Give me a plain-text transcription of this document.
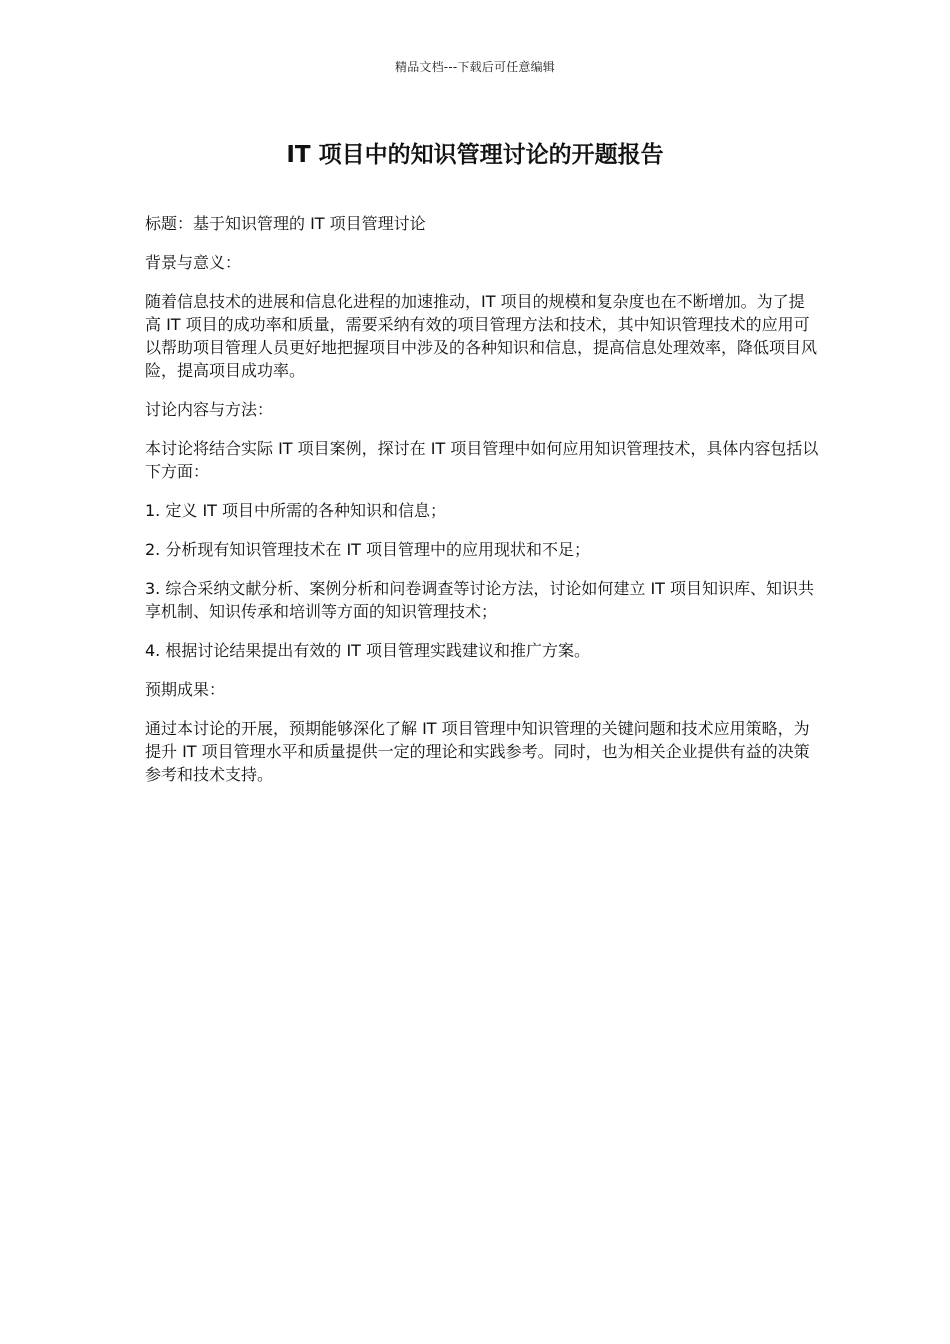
精品文档---下载后可任意编辑
IT 项目中的知识管理讨论的开题报告

标题：基于知识管理的 IT 项目管理讨论

背景与意义：

随着信息技术的进展和信息化进程的加速推动，IT 项目的规模和复杂度也在不断增加。为了提高 IT 项目的成功率和质量，需要采纳有效的项目管理方法和技术，其中知识管理技术的应用可以帮助项目管理人员更好地把握项目中涉及的各种知识和信息，提高信息处理效率，降低项目风险，提高项目成功率。

讨论内容与方法：

本讨论将结合实际 IT 项目案例，探讨在 IT 项目管理中如何应用知识管理技术，具体内容包括以下方面：

1. 定义 IT 项目中所需的各种知识和信息；

2. 分析现有知识管理技术在 IT 项目管理中的应用现状和不足；

3. 综合采纳文献分析、案例分析和问卷调查等讨论方法，讨论如何建立 IT 项目知识库、知识共享机制、知识传承和培训等方面的知识管理技术；

4. 根据讨论结果提出有效的 IT 项目管理实践建议和推广方案。

预期成果：

通过本讨论的开展，预期能够深化了解 IT 项目管理中知识管理的关键问题和技术应用策略，为提升 IT 项目管理水平和质量提供一定的理论和实践参考。同时，也为相关企业提供有益的决策参考和技术支持。
